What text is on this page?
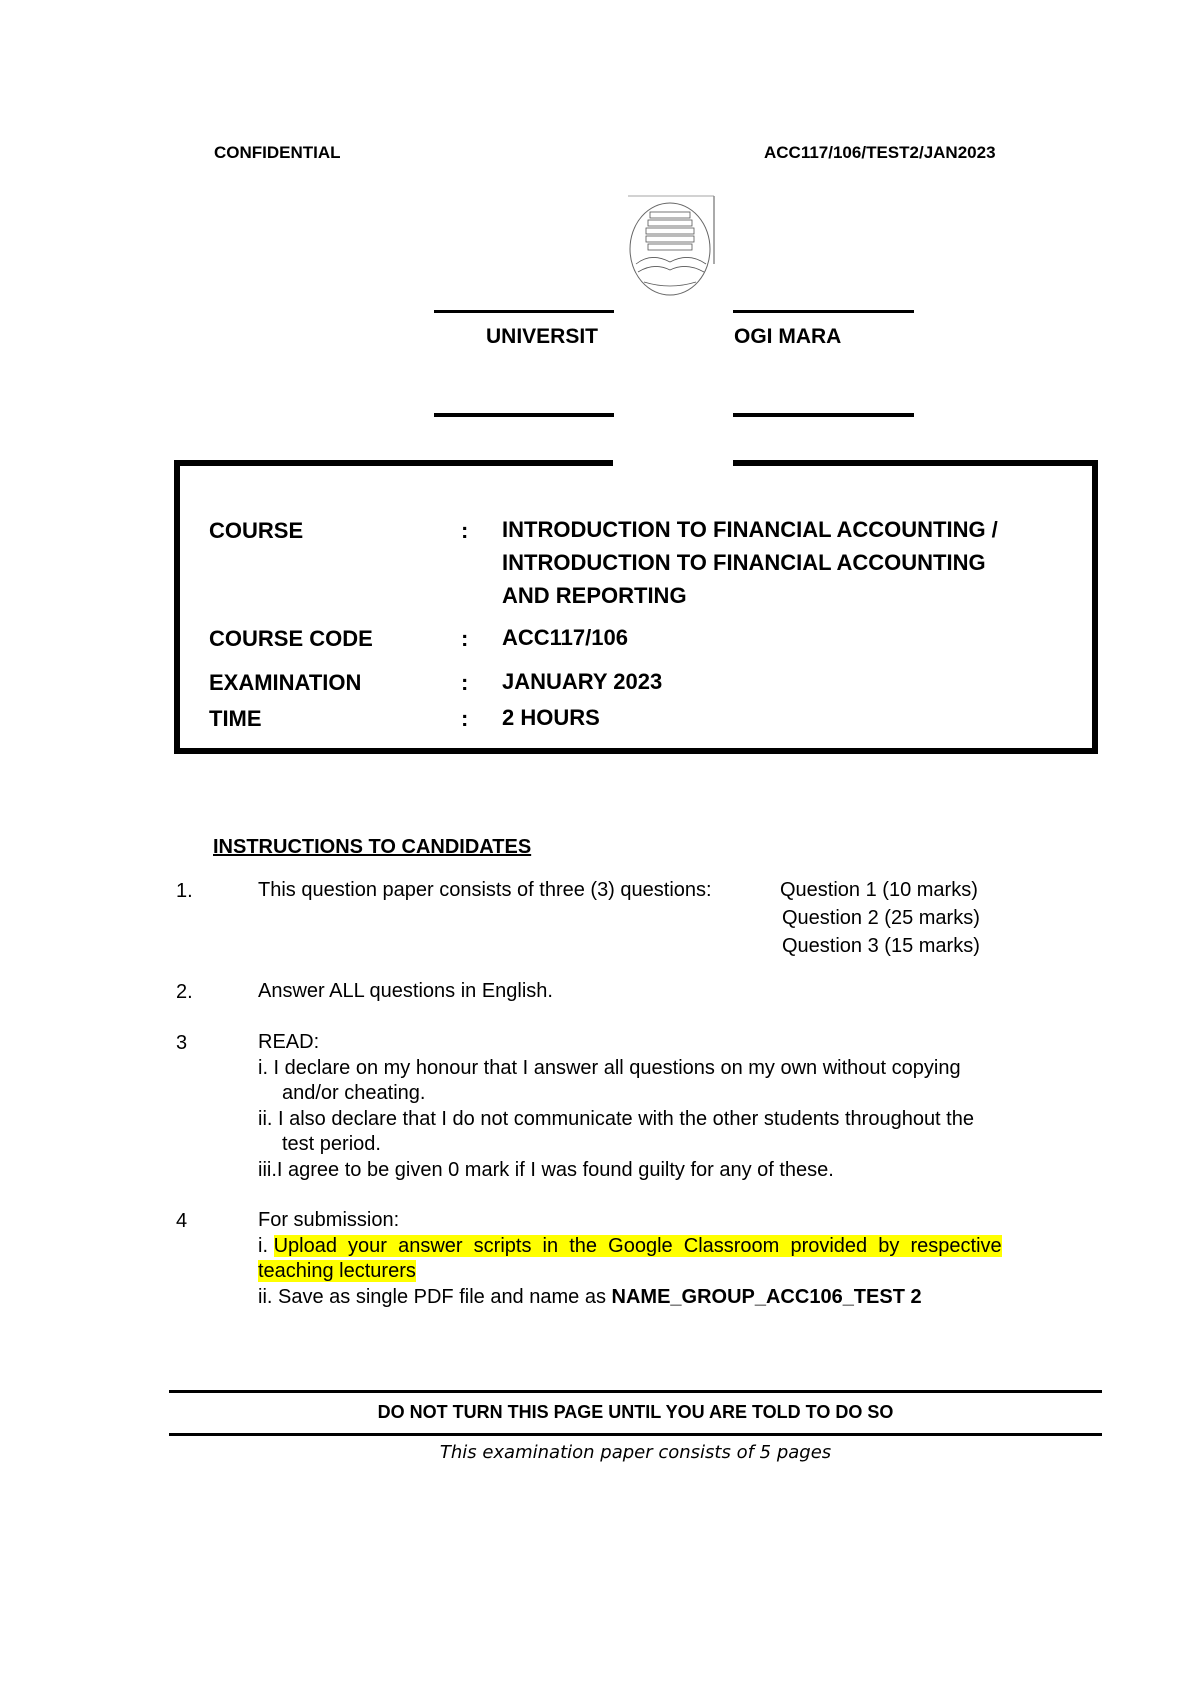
CONFIDENTIAL	ACC117/106/TEST2/JAN2023
UNIVERSIT	OGI MARA
COURSE	: INTRODUCTION TO FINANCIAL ACCOUNTING /
INTRODUCTION TO FINANCIAL ACCOUNTING
AND REPORTING
COURSE CODE	: ACC117/106
EXAMINATION	: JANUARY 2023
TIME	: 2 HOURS
INSTRUCTIONS TO CANDIDATES
1.	This question paper consists of three (3) questions:	Question 1 (10 marks)
Question 2 (25 marks)
Question 3 (15 marks)
2.	Answer ALL questions in English.
3	READ:
i. I declare on my honour that I answer all questions on my own without copying
and/or cheating.
ii. I also declare that I do not communicate with the other students throughout the
test period.
iii.I agree to be given 0 mark if I was found guilty for any of these.
4	For submission:
i. Upload  your  answer  scripts  in  the  Google  Classroom  provided  by  respective
teaching lecturers
ii. Save as single PDF file and name as NAME_GROUP_ACC106_TEST 2
DO NOT TURN THIS PAGE UNTIL YOU ARE TOLD TO DO SO
This examination paper consists of 5 pages
